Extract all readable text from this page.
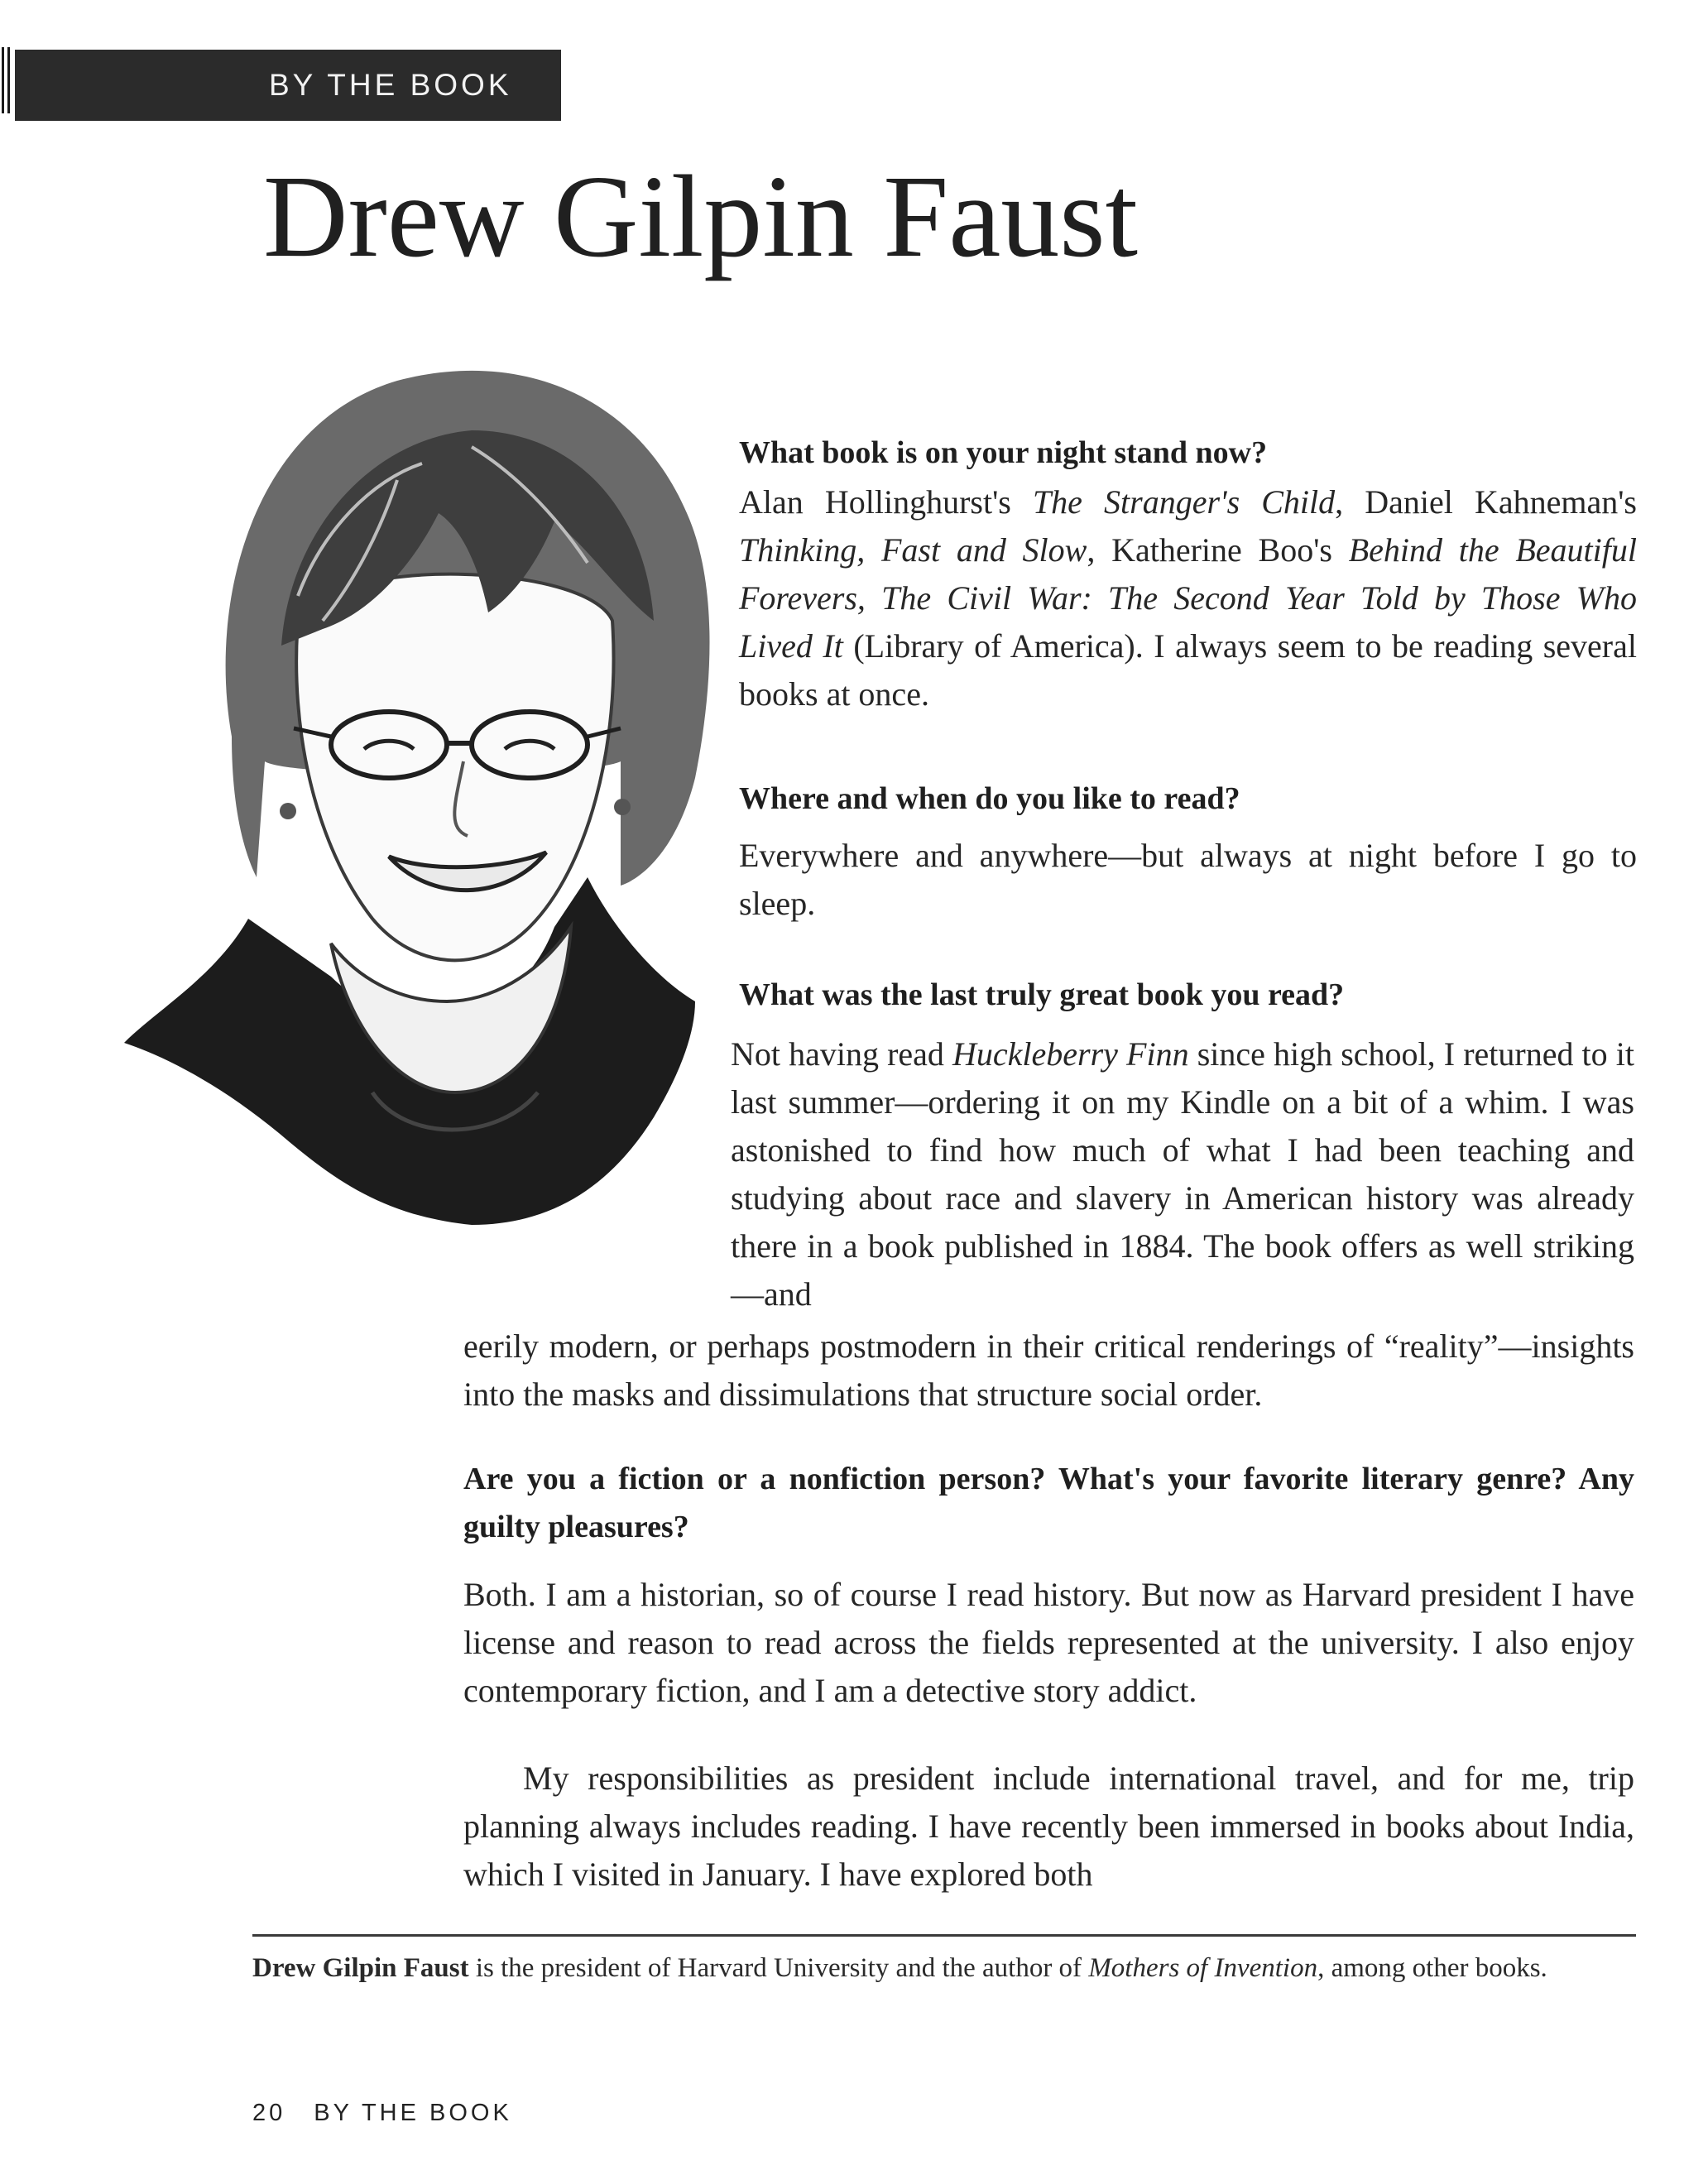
BY THE BOOK
Drew Gilpin Faust

What book is on your night stand now?

Alan Hollinghurst's The Stranger's Child, Daniel Kahneman's Thinking, Fast and Slow, Katherine Boo's Behind the Beautiful Forevers, The Civil War: The Second Year Told by Those Who Lived It (Library of America). I always seem to be reading several books at once.

Where and when do you like to read?

Everywhere and anywhere—but always at night before I go to sleep.

What was the last truly great book you read?

Not having read Huckleberry Finn since high school, I returned to it last summer—ordering it on my Kindle on a bit of a whim. I was astonished to find how much of what I had been teaching and studying about race and slavery in American history was already there in a book published in 1884. The book offers as well striking—and

eerily modern, or perhaps postmodern in their critical renderings of “reality”—insights into the masks and dissimulations that structure social order.

Are you a fiction or a nonfiction person? What's your favorite literary genre? Any guilty pleasures?

Both. I am a historian, so of course I read history. But now as Harvard president I have license and reason to read across the fields represented at the university. I also enjoy contemporary fiction, and I am a detective story addict.

My responsibilities as president include international travel, and for me, trip planning always includes reading. I have recently been immersed in books about India, which I visited in January. I have explored both

Drew Gilpin Faust is the president of Harvard University and the author of Mothers of Invention, among other books.

20 BY THE BOOK
